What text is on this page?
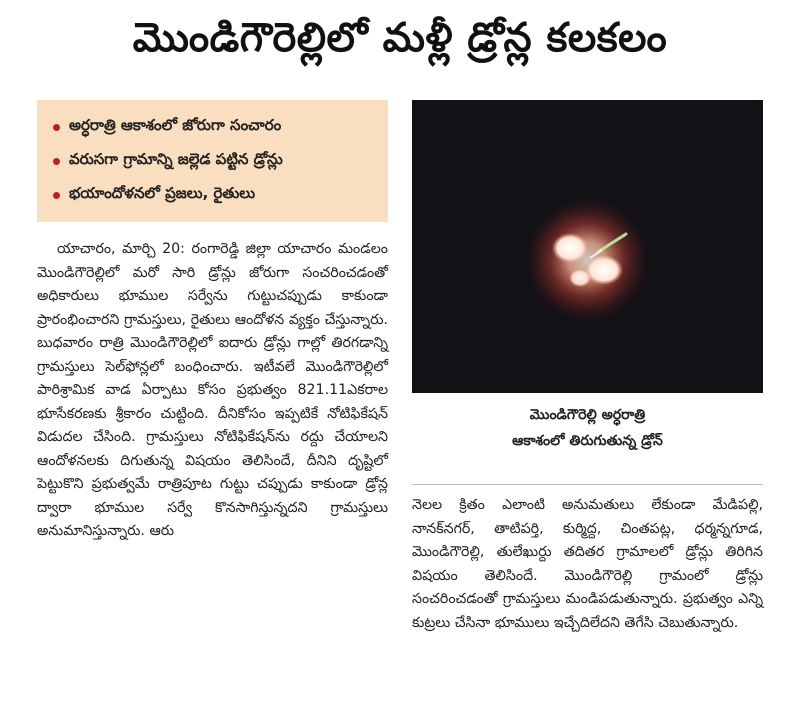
మొండిగౌరెల్లిలో మళ్లీ డ్రోన్ల కలకలం
అర్ధరాత్రి ఆకాశంలో జోరుగా సంచారం
వరుసగా గ్రామాన్ని జల్లెడ పట్టిన డ్రోన్లు
భయాందోళనలో ప్రజలు, రైతులు
మొండిగౌరెల్లి అర్ధరాత్రి
ఆకాశంలో తిరుగుతున్న డ్రోన్

యాచారం, మార్చి 20: రంగారెడ్డి జిల్లా యాచారం మండలం మొండిగౌరెల్లిలో మరో సారి డ్రోన్లు జోరుగా సంచరించడంతో అధికారులు భూముల సర్వేను గుట్టుచప్పుడు కాకుండా ప్రారంభించారని గ్రామస్తులు, రైతులు ఆందోళన వ్యక్తం చేస్తున్నారు. బుధవారం రాత్రి మొండిగౌరెల్లిలో ఐదారు డ్రోన్లు గాల్లో తిరగడాన్ని గ్రామస్తులు సెల్‌ఫోన్లలో బంధించారు. ఇటీవలే మొండిగౌరెల్లిలో పారిశ్రామిక వాడ ఏర్పాటు కోసం ప్రభుత్వం 821.11ఎకరాల భూసేకరణకు శ్రీకారం చుట్టింది. దీనికోసం ఇప్పటికే నోటిఫికేషన్ విడుదల చేసింది. గ్రామస్తులు నోటిఫికేషన్‌ను రద్దు చేయాలని ఆందోళనలకు దిగుతున్న విషయం తెలిసిందే, దీనిని దృష్టిలో పెట్టుకొని ప్రభుత్వమే రాత్రిపూట గుట్టు చప్పుడు కాకుండా డ్రోన్ల ద్వారా భూముల సర్వే కొనసాగిస్తున్నదని గ్రామస్తులు అనుమానిస్తున్నారు. ఆరు

నెలల క్రితం ఎలాంటి అనుమతులు లేకుండా మేడిపల్లి, నానక్‌నగర్, తాటిపర్తి, కుర్మిద్ద, చింతపట్ల, ధర్మన్నగూడ, మొండిగౌరెల్లి, తులేఖుర్దు తదితర గ్రామాలలో డ్రోన్లు తిరిగిన విషయం తెలిసిందే. మొండిగౌరెల్లి గ్రామంలో డ్రోన్లు సంచరించడంతో గ్రామస్తులు మండిపడుతున్నారు. ప్రభుత్వం ఎన్ని కుట్రలు చేసినా భూములు ఇచ్చేదిలేదని తెగేసి చెబుతున్నారు.
